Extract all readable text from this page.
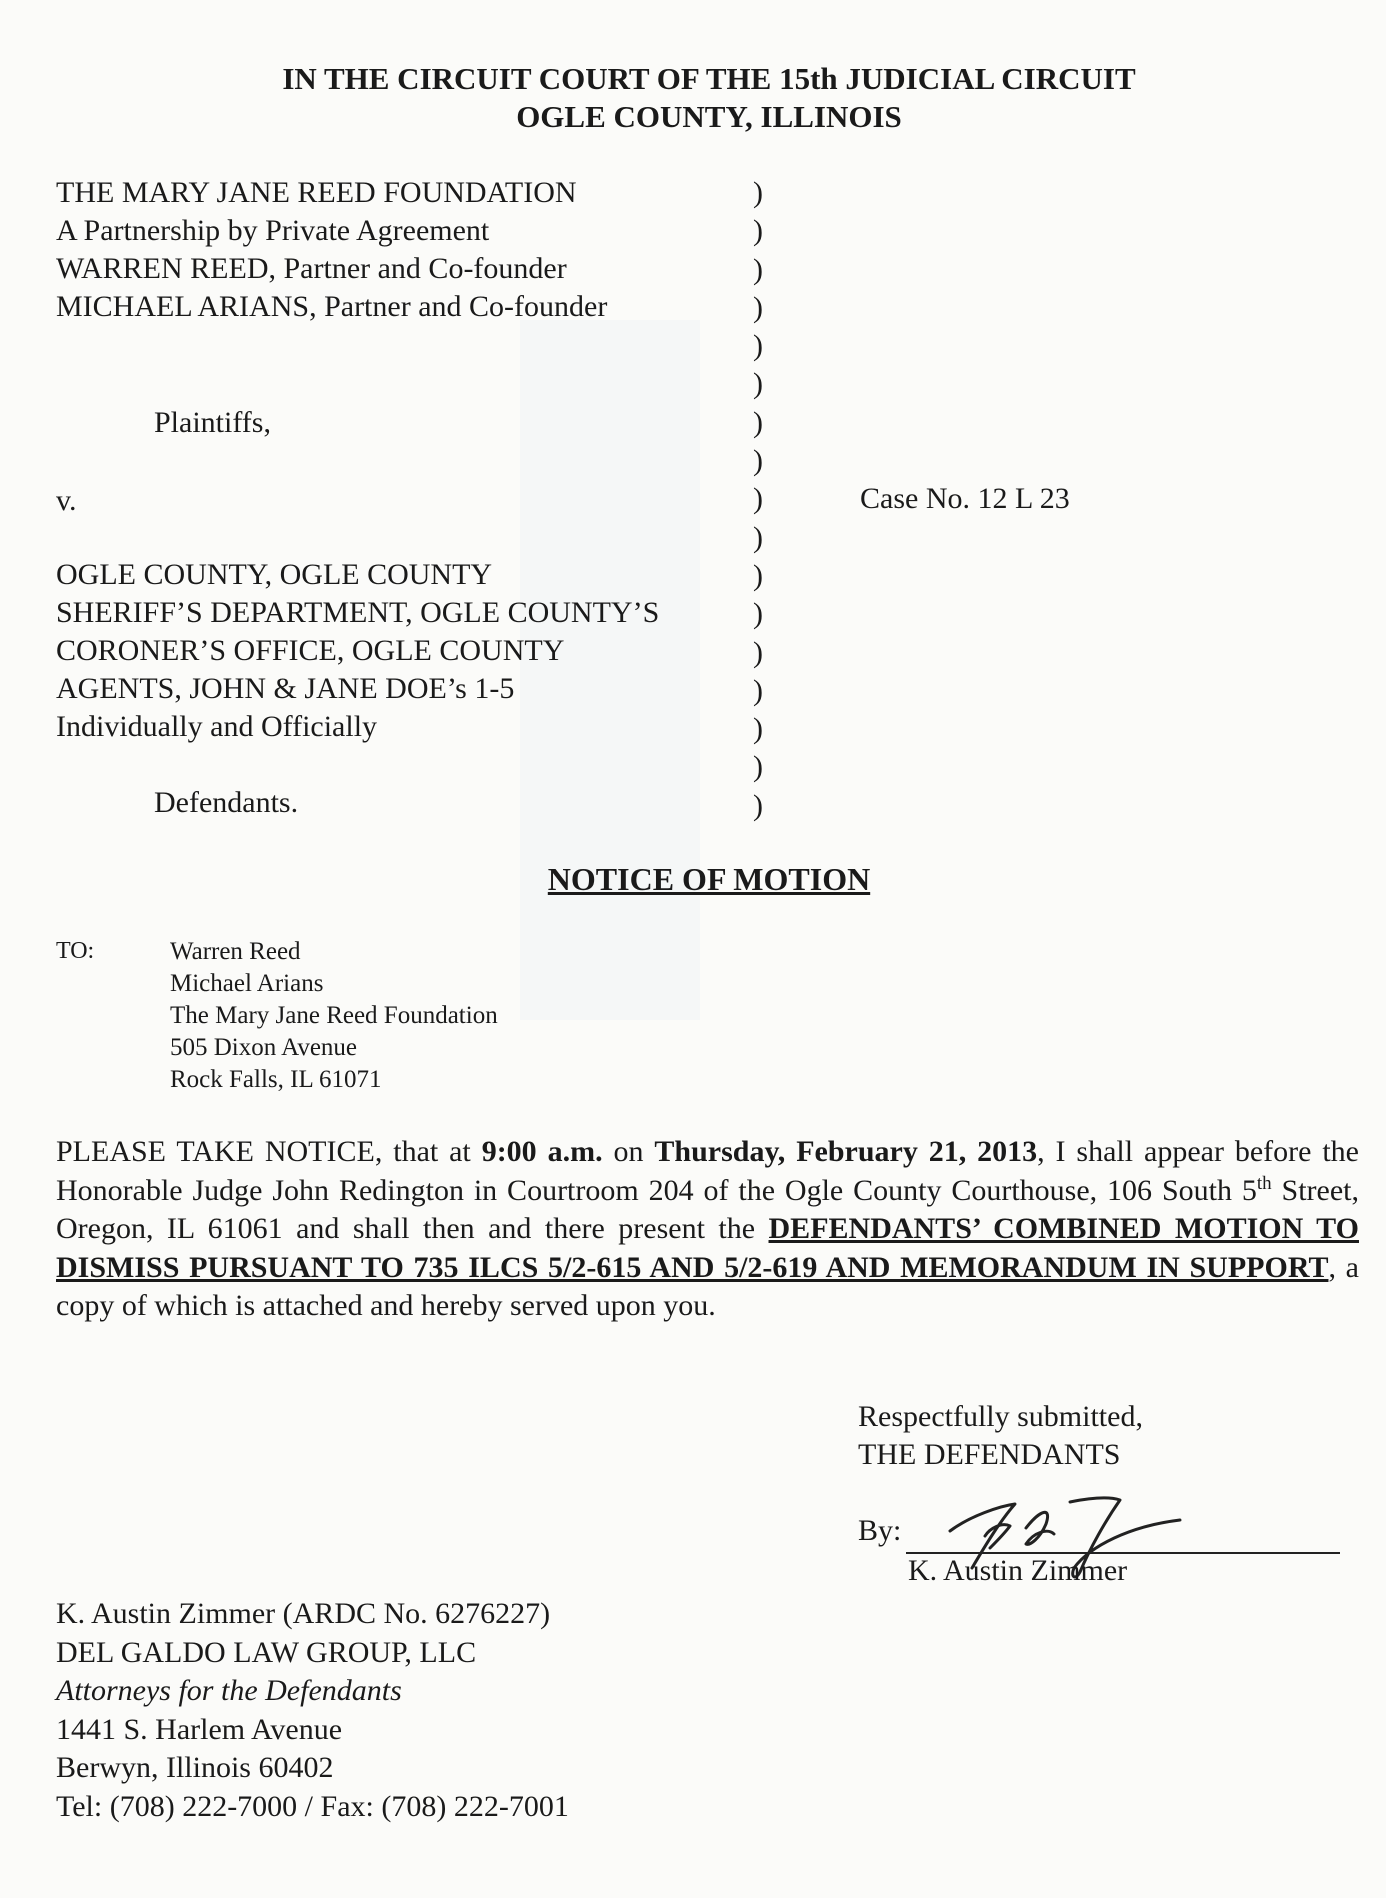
IN THE CIRCUIT COURT OF THE 15th JUDICIAL CIRCUIT
OGLE COUNTY, ILLINOIS
THE MARY JANE REED FOUNDATION
A Partnership by Private Agreement
WARREN REED, Partner and Co-founder
MICHAEL ARIANS, Partner and Co-founder
Plaintiffs,
v.
OGLE COUNTY, OGLE COUNTY
SHERIFF’S DEPARTMENT, OGLE COUNTY’S
CORONER’S OFFICE, OGLE COUNTY
AGENTS, JOHN & JANE DOE’s 1-5
Individually and Officially
Defendants.
)
)
)
)
)
)
)
)
)
)
)
)
)
)
)
)
)
Case No. 12 L 23
NOTICE OF MOTION
TO:	Warren Reed
Michael Arians
The Mary Jane Reed Foundation
505 Dixon Avenue
Rock Falls, IL 61071
PLEASE TAKE NOTICE, that at 9:00 a.m. on Thursday, February 21, 2013, I shall appear before the Honorable Judge John Redington in Courtroom 204 of the Ogle County Courthouse, 106 South 5th Street, Oregon, IL 61061 and shall then and there present the DEFENDANTS’ COMBINED MOTION TO DISMISS PURSUANT TO 735 ILCS 5/2-615 AND 5/2-619 AND MEMORANDUM IN SUPPORT, a copy of which is attached and hereby served upon you.
Respectfully submitted,
THE DEFENDANTS
By:
K. Austin Zimmer
K. Austin Zimmer (ARDC No. 6276227)
DEL GALDO LAW GROUP, LLC
Attorneys for the Defendants
1441 S. Harlem Avenue
Berwyn, Illinois 60402
Tel: (708) 222-7000 / Fax: (708) 222-7001
